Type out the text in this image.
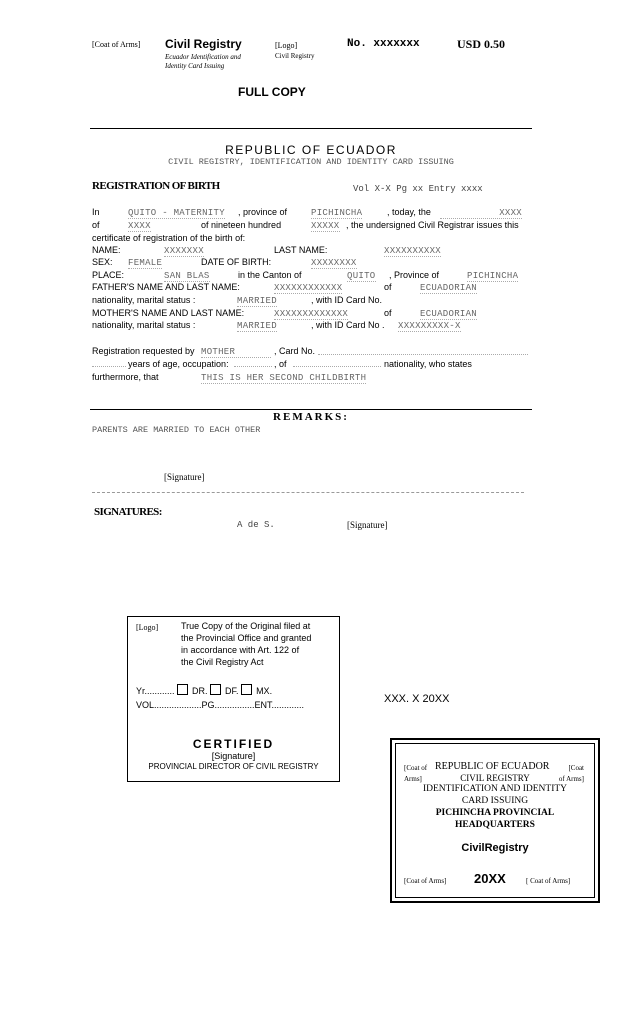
[Coat of Arms] Civil Registry
Ecuador Identification and
Identity Card Issuing
[Logo]
Civil Registry
No. xxxxxxx	USD 0.50
FULL COPY
REPUBLIC OF ECUADOR
CIVIL REGISTRY, IDENTIFICATION AND IDENTITY CARD ISSUING
REGISTRATION OF BIRTH	Vol X-X Pg xx Entry xxxx
In	QUITO - MATERNITY , province of	PICHINCHA	, today, the	XXXX
of	XXXX	of nineteen hundred	XXXXX , the undersigned Civil Registrar issues this
certificate of registration of the birth of:
NAME:	XXXXXXX	LAST NAME:	XXXXXXXXXX
SEX: FEMALE	DATE OF BIRTH:	XXXXXXXX
PLACE:	SAN BLAS	in the Canton of	QUITO , Province of	PICHINCHA
FATHER'S NAME AND LAST NAME:	XXXXXXXXXXXX	of	ECUADORIAN
nationality, marital status :	MARRIED	, with ID Card No.
MOTHER'S NAME AND LAST NAME:	XXXXXXXXXXXXX	of	ECUADORIAN
nationality, marital status :	MARRIED	, with ID Card No . XXXXXXXXX-X
Registration requested by MOTHER	, Card No.
years of age, occupation:	, of	nationality, who states
furthermore, that	THIS IS HER SECOND CHILDBIRTH
REMARKS:
PARENTS ARE MARRIED TO EACH OTHER
[Signature]
SIGNATURES:
A de S.	[Signature]
[Logo]	True Copy of the Original filed at
the Provincial Office and granted
in accordance with Art. 122 of
the Civil Registry Act
Yr............ DR. DF. MX.
VOL...................PG................ENT.............
CERTIFIED
[Signature]
PROVINCIAL DIRECTOR OF CIVIL REGISTRY
XXX. X 20XX
[Coat of
Arms]
REPUBLIC OF ECUADOR	[Coat
of Arms]
CIVIL REGISTRY
IDENTIFICATION AND IDENTITY
CARD ISSUING
PICHINCHA PROVINCIAL
HEADQUARTERS
CivilRegistry
[Coat of Arms] 20XX	[ Coat of Arms]
